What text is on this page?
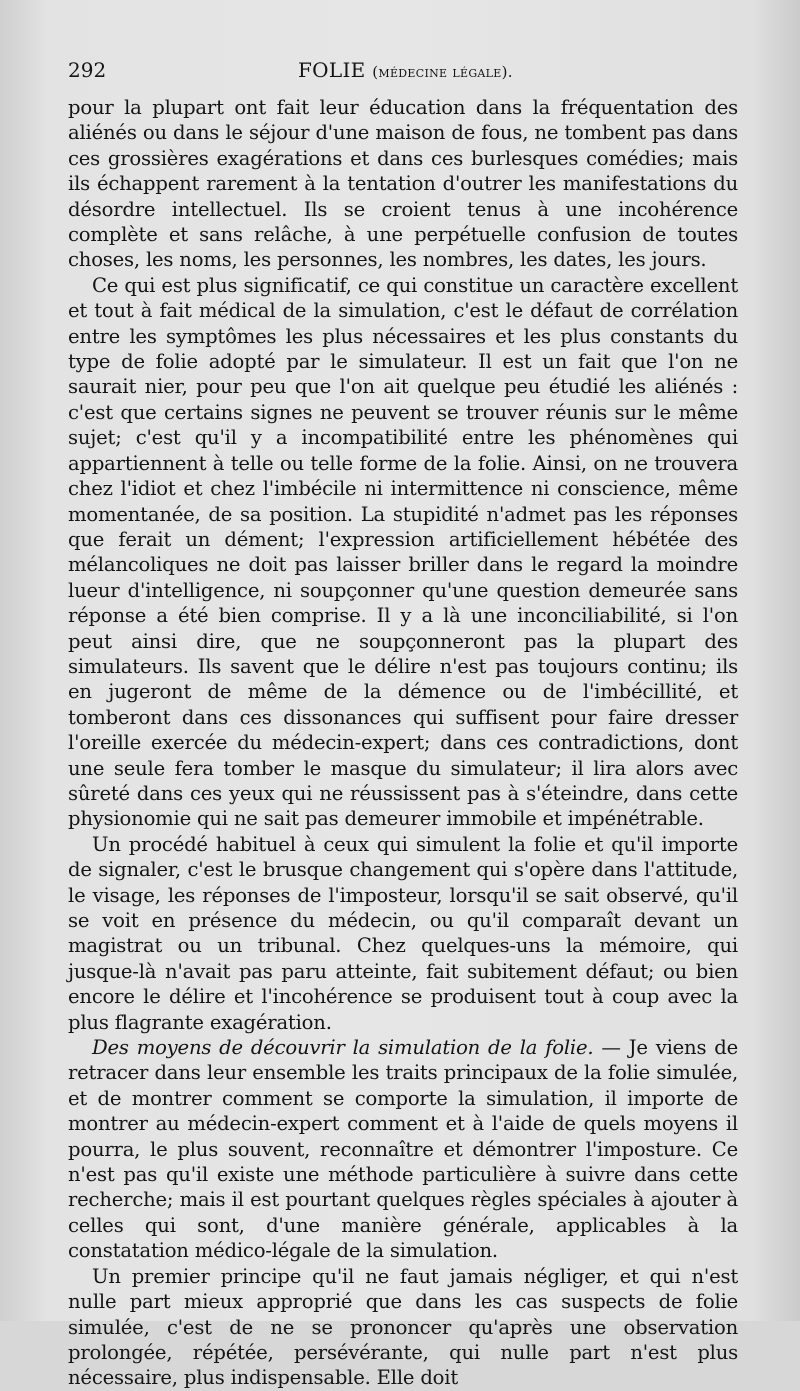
292	FOLIE (médecine légale).

pour la plupart ont fait leur éducation dans la fréquentation des aliénés ou dans le séjour d'une maison de fous, ne tombent pas dans ces grossières exagérations et dans ces burlesques comédies; mais ils échappent rarement à la tentation d'outrer les manifestations du désordre intellectuel. Ils se croient tenus à une incohérence complète et sans relâche, à une perpétuelle confusion de toutes choses, les noms, les personnes, les nombres, les dates, les jours.

Ce qui est plus significatif, ce qui constitue un caractère excellent et tout à fait médical de la simulation, c'est le défaut de corrélation entre les symptômes les plus nécessaires et les plus constants du type de folie adopté par le simulateur. Il est un fait que l'on ne saurait nier, pour peu que l'on ait quelque peu étudié les aliénés : c'est que certains signes ne peuvent se trouver réunis sur le même sujet; c'est qu'il y a incompatibilité entre les phénomènes qui appartiennent à telle ou telle forme de la folie. Ainsi, on ne trouvera chez l'idiot et chez l'imbécile ni intermittence ni conscience, même momentanée, de sa position. La stupidité n'admet pas les réponses que ferait un dément; l'expression artificiellement hébétée des mélancoliques ne doit pas laisser briller dans le regard la moindre lueur d'intelligence, ni soupçonner qu'une question demeurée sans réponse a été bien comprise. Il y a là une inconciliabilité, si l'on peut ainsi dire, que ne soupçonneront pas la plupart des simulateurs. Ils savent que le délire n'est pas toujours continu; ils en jugeront de même de la démence ou de l'imbécillité, et tomberont dans ces dissonances qui suffisent pour faire dresser l'oreille exercée du médecin-expert; dans ces contradictions, dont une seule fera tomber le masque du simulateur; il lira alors avec sûreté dans ces yeux qui ne réussissent pas à s'éteindre, dans cette physionomie qui ne sait pas demeurer immobile et impénétrable.

Un procédé habituel à ceux qui simulent la folie et qu'il importe de signaler, c'est le brusque changement qui s'opère dans l'attitude, le visage, les réponses de l'imposteur, lorsqu'il se sait observé, qu'il se voit en présence du médecin, ou qu'il comparaît devant un magistrat ou un tribunal. Chez quelques-uns la mémoire, qui jusque-là n'avait pas paru atteinte, fait subitement défaut; ou bien encore le délire et l'incohérence se produisent tout à coup avec la plus flagrante exagération.

Des moyens de découvrir la simulation de la folie. — Je viens de retracer dans leur ensemble les traits principaux de la folie simulée, et de montrer comment se comporte la simulation, il importe de montrer au médecin-expert comment et à l'aide de quels moyens il pourra, le plus souvent, reconnaître et démontrer l'imposture. Ce n'est pas qu'il existe une méthode particulière à suivre dans cette recherche; mais il est pourtant quelques règles spéciales à ajouter à celles qui sont, d'une manière générale, applicables à la constatation médico-légale de la simulation.

Un premier principe qu'il ne faut jamais négliger, et qui n'est nulle part mieux approprié que dans les cas suspects de folie simulée, c'est de ne se prononcer qu'après une observation prolongée, répétée, persévérante, qui nulle part n'est plus nécessaire, plus indispensable. Elle doit
